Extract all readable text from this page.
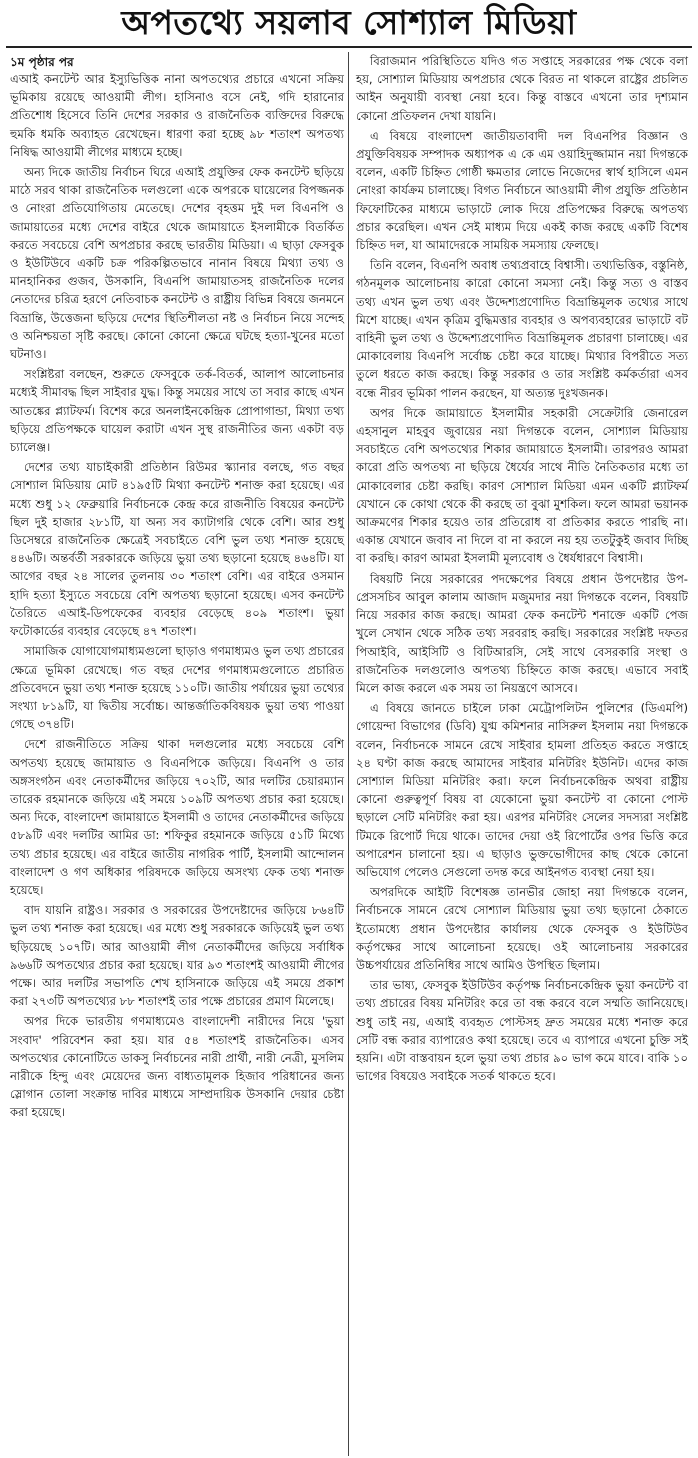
অপতথ্যে সয়লাব সোশ্যাল মিডিয়া
১ম পৃষ্ঠার পর

এআই কনটেন্ট আর ইস্যুভিত্তিক নানা অপতথ্যের প্রচারে এখনো সক্রিয় ভূমিকায় রয়েছে আওয়ামী লীগ। হাসিনাও বসে নেই, গদি হারানোর প্রতিশোধ হিসেবে তিনি দেশের সরকার ও রাজনৈতিক ব্যক্তিদের বিরুদ্ধে হুমকি ধমকি অব্যাহত রেখেছেন। ধারণা করা হচ্ছে ৯৮ শতাংশ অপতথ্য নিষিদ্ধ আওয়ামী লীগের মাধ্যমে হচ্ছে।

অন্য দিকে জাতীয় নির্বাচন ঘিরে এআই প্রযুক্তির ফেক কনটেন্ট ছড়িয়ে মাঠে সরব থাকা রাজনৈতিক দলগুলো একে অপরকে ঘায়েলের বিপজ্জনক ও নোংরা প্রতিযোগিতায় মেতেছে। দেশের বৃহত্তম দুই দল বিএনপি ও জামায়াতের মধ্যে দেশের বাইরে থেকে জামায়াতে ইসলামীকে বিতর্কিত করতে সবচেয়ে বেশি অপপ্রচার করছে ভারতীয় মিডিয়া। এ ছাড়া ফেসবুক ও ইউটিউবে একটি চক্র পরিকল্পিতভাবে নানান বিষয়ে মিথ্যা তথ্য ও মানহানিকর গুজব, উসকানি, বিএনপি জামায়াতসহ রাজনৈতিক দলের নেতাদের চরিত্র হরণে নেতিবাচক কনটেন্ট ও রাষ্ট্রীয় বিভিন্ন বিষয়ে জনমনে বিভ্রান্তি, উত্তেজনা ছড়িয়ে দেশের স্থিতিশীলতা নষ্ট ও নির্বাচন নিয়ে সন্দেহ ও অনিশ্চয়তা সৃষ্টি করছে। কোনো কোনো ক্ষেত্রে ঘটছে হত্যা-খুনের মতো ঘটনাও।

সংশ্লিষ্টরা বলছেন, শুরুতে ফেসবুকে তর্ক-বিতর্ক, আলাপ আলোচনার মধ্যেই সীমাবদ্ধ ছিল সাইবার যুদ্ধ। কিন্তু সময়ের সাথে তা সবার কাছে এখন আতঙ্কের প্ল্যাটফর্ম। বিশেষ করে অনলাইনকেন্দ্রিক প্রোপাগান্ডা, মিথ্যা তথ্য ছড়িয়ে প্রতিপক্ষকে ঘায়েল করাটা এখন সুস্থ রাজনীতির জন্য একটা বড় চ্যালেঞ্জ।

দেশের তথ্য যাচাইকারী প্রতিষ্ঠান রিউমর স্ক্যানার বলছে, গত বছর সোশ্যাল মিডিয়ায় মোট ৪১৯৫টি মিথ্যা কনটেন্ট শনাক্ত করা হয়েছে। এর মধ্যে শুধু ১২ ফেব্রুয়ারি নির্বাচনকে কেন্দ্র করে রাজনীতি বিষয়ের কনটেন্ট ছিল দুই হাজার ২৮১টি, যা অন্য সব ক্যাটাগরি থেকে বেশি। আর শুধু ডিসেম্বরে রাজনৈতিক ক্ষেত্রেই সবচাইতে বেশি ভুল তথ্য শনাক্ত হয়েছে ৪৪৬টি। অন্তর্বর্তী সরকারকে জড়িয়ে ভুয়া তথ্য ছড়ানো হয়েছে ৪৬৪টি। যা আগের বছর ২৪ সালের তুলনায় ৩০ শতাংশ বেশি। এর বাইরে ওসমান হাদি হত্যা ইস্যুতে সবচেয়ে বেশি অপতথ্য ছড়ানো হয়েছে। এসব কনটেন্ট তৈরিতে এআই-ডিপফেকের ব্যবহার বেড়েছে ৪০৯ শতাংশ। ভুয়া ফটোকার্ডের ব্যবহার বেড়েছে ৪৭ শতাংশ।

সামাজিক যোগাযোগমাধ্যমগুলো ছাড়াও গণমাধ্যমও ভুল তথ্য প্রচারের ক্ষেত্রে ভূমিকা রেখেছে। গত বছর দেশের গণমাধ্যমগুলোতে প্রচারিত প্রতিবেদনে ভুয়া তথ্য শনাক্ত হয়েছে ১১০টি। জাতীয় পর্যায়ের ভুয়া তথ্যের সংখ্যা ৮১৯টি, যা দ্বিতীয় সর্বোচ্চ। আন্তর্জাতিকবিষয়ক ভুয়া তথ্য পাওয়া গেছে ৩৭৪টি।

দেশে রাজনীতিতে সক্রিয় থাকা দলগুলোর মধ্যে সবচেয়ে বেশি অপতথ্য হয়েছে জামায়াত ও বিএনপিকে জড়িয়ে। বিএনপি ও তার অঙ্গসংগঠন এবং নেতাকর্মীদের জড়িয়ে ৭০২টি, আর দলটির চেয়ারম্যান তারেক রহমানকে জড়িয়ে এই সময়ে ১০৯টি অপতথ্য প্রচার করা হয়েছে। অন্য দিকে, বাংলাদেশ জামায়াতে ইসলামী ও তাদের নেতাকর্মীদের জড়িয়ে ৫৮৯টি এবং দলটির আমির ডা: শফিকুর রহমানকে জড়িয়ে ৫১টি মিথ্যে তথ্য প্রচার হয়েছে। এর বাইরে জাতীয় নাগরিক পার্টি, ইসলামী আন্দোলন বাংলাদেশ ও গণ অধিকার পরিষদকে জড়িয়ে অসংখ্য ফেক তথ্য শনাক্ত হয়েছে।

বাদ যায়নি রাষ্ট্রও। সরকার ও সরকারের উপদেষ্টাদের জড়িয়ে ৮৬৪টি ভুল তথ্য শনাক্ত করা হয়েছে। এর মধ্যে শুধু সরকারকে জড়িয়েই ভুল তথ্য ছড়িয়েছে ১০৭টি। আর আওয়ামী লীগ নেতাকর্মীদের জড়িয়ে সর্বাধিক ৯৬৬টি অপতথ্যের প্রচার করা হয়েছে। যার ৯৩ শতাংশই আওয়ামী লীগের পক্ষে। আর দলটির সভাপতি শেখ হাসিনাকে জড়িয়ে এই সময়ে প্রকাশ করা ২৭৩টি অপতথ্যের ৮৮ শতাংশই তার পক্ষে প্রচারের প্রমাণ মিলেছে।

অপর দিকে ভারতীয় গণমাধ্যমেও বাংলাদেশী নারীদের নিয়ে 'ভুয়া সংবাদ' পরিবেশন করা হয়। যার ৫৪ শতাংশই রাজনৈতিক। এসব অপতথ্যের কোনোটিতে ডাকসু নির্বাচনের নারী প্রার্থী, নারী নেত্রী, মুসলিম নারীকে হিন্দু এবং মেয়েদের জন্য বাধ্যতামূলক হিজাব পরিধানের জন্য স্লোগান তোলা সংক্রান্ত দাবির মাধ্যমে সাম্প্রদায়িক উসকানি দেয়ার চেষ্টা করা হয়েছে।

বিরাজমান পরিস্থিতিতে যদিও গত সপ্তাহে সরকারের পক্ষ থেকে বলা হয়, সোশ্যাল মিডিয়ায় অপপ্রচার থেকে বিরত না থাকলে রাষ্ট্রের প্রচলিত আইন অনুযায়ী ব্যবস্থা নেয়া হবে। কিন্তু বাস্তবে এখনো তার দৃশ্যমান কোনো প্রতিফলন দেখা যায়নি।

এ বিষয়ে বাংলাদেশ জাতীয়তাবাদী দল বিএনপির বিজ্ঞান ও প্রযুক্তিবিষয়ক সম্পাদক অধ্যাপক এ কে এম ওয়াহিদুজ্জামান নয়া দিগন্তকে বলেন, একটি চিহ্নিত গোষ্ঠী ক্ষমতার লোভে নিজেদের স্বার্থ হাসিলে এমন নোংরা কার্যক্রম চালাচ্ছে। বিগত নির্বাচনে আওয়ামী লীগ প্রযুক্তি প্রতিষ্ঠান ফিফোটিকের মাধ্যমে ভাড়াটে লোক দিয়ে প্রতিপক্ষের বিরুদ্ধে অপতথ্য প্রচার করেছিল। এখন সেই মাধ্যম দিয়ে একই কাজ করছে একটি বিশেষ চিহ্নিত দল, যা আমাদেরকে সাময়িক সমস্যায় ফেলছে।

তিনি বলেন, বিএনপি অবাধ তথ্যপ্রবাহে বিশ্বাসী। তথ্যভিত্তিক, বস্তুনিষ্ঠ, গঠনমূলক আলোচনায় কারো কোনো সমস্যা নেই। কিন্তু সত্য ও বাস্তব তথ্য এখন ভুল তথ্য এবং উদ্দেশ্যপ্রণোদিত বিভ্রান্তিমূলক তথ্যের সাথে মিশে যাচ্ছে। এখন কৃত্রিম বুদ্ধিমত্তার ব্যবহার ও অপব্যবহারের ভাড়াটে বট বাহিনী ভুল তথ্য ও উদ্দেশ্যপ্রণোদিত বিভ্রান্তিমূলক প্রচারণা চালাচ্ছে। এর মোকাবেলায় বিএনপি সর্বোচ্চ চেষ্টা করে যাচ্ছে। মিথ্যার বিপরীতে সত্য তুলে ধরতে কাজ করছে। কিন্তু সরকার ও তার সংশ্লিষ্ট কর্মকর্তারা এসব বন্ধে নীরব ভূমিকা পালন করছেন, যা অত্যন্ত দুঃখজনক।

অপর দিকে জামায়াতে ইসলামীর সহকারী সেক্রেটারি জেনারেল এহসানুল মাহবুব জুবায়ের নয়া দিগন্তকে বলেন, সোশ্যাল মিডিয়ায় সবচাইতে বেশি অপতথ্যের শিকার জামায়াতে ইসলামী। তারপরও আমরা কারো প্রতি অপতথ্য না ছড়িয়ে ধৈর্যের সাথে নীতি নৈতিকতার মধ্যে তা মোকাবেলার চেষ্টা করছি। কারণ সোশ্যাল মিডিয়া এমন একটি প্ল্যাটফর্ম যেখানে কে কোথা থেকে কী করছে তা বুঝা মুশকিল। ফলে আমরা ভয়ানক আক্রমণের শিকার হয়েও তার প্রতিরোধ বা প্রতিকার করতে পারছি না। একান্ত যেখানে জবাব না দিলে বা না করলে নয় হয় ততটুকুই জবাব দিচ্ছি বা করছি। কারণ আমরা ইসলামী মূল্যবোধ ও ধৈর্যধারণে বিশ্বাসী।

বিষয়টি নিয়ে সরকারের পদক্ষেপের বিষয়ে প্রধান উপদেষ্টার উপ-প্রেসসচিব আবুল কালাম আজাদ মজুমদার নয়া দিগন্তকে বলেন, বিষয়টি নিয়ে সরকার কাজ করছে। আমরা ফেক কনটেন্ট শনাক্তে একটি পেজ খুলে সেখান থেকে সঠিক তথ্য সরবরাহ করছি। সরকারের সংশ্লিষ্ট দফতর পিআইবি, আইসিটি ও বিটিআরসি, সেই সাথে বেসরকারি সংস্থা ও রাজনৈতিক দলগুলোও অপতথ্য চিহ্নিতে কাজ করছে। এভাবে সবাই মিলে কাজ করলে এক সময় তা নিয়ন্ত্রণে আসবে।

এ বিষয়ে জানতে চাইলে ঢাকা মেট্রোপলিটন পুলিশের (ডিএমপি) গোয়েন্দা বিভাগের (ডিবি) যুগ্ম কমিশনার নাসিরুল ইসলাম নয়া দিগন্তকে বলেন, নির্বাচনকে সামনে রেখে সাইবার হামলা প্রতিহত করতে সপ্তাহে ২৪ ঘণ্টা কাজ করছে আমাদের সাইবার মনিটরিং ইউনিট। এদের কাজ সোশ্যাল মিডিয়া মনিটরিং করা। ফলে নির্বাচনকেন্দ্রিক অথবা রাষ্ট্রীয় কোনো গুরুত্বপূর্ণ বিষয় বা যেকোনো ভুয়া কনটেন্ট বা কোনো পোস্ট ছড়ালে সেটি মনিটরিং করা হয়। এরপর মনিটরিং সেলের সদস্যরা সংশ্লিষ্ট টিমকে রিপোর্ট দিয়ে থাকে। তাদের দেয়া ওই রিপোর্টের ওপর ভিত্তি করে অপারেশন চালানো হয়। এ ছাড়াও ভুক্তভোগীদের কাছ থেকে কোনো অভিযোগ পেলেও সেগুলো তদন্ত করে আইনগত ব্যবস্থা নেয়া হয়।

অপরদিকে আইটি বিশেষজ্ঞ তানভীর জোহা নয়া দিগন্তকে বলেন, নির্বাচনকে সামনে রেখে সোশ্যাল মিডিয়ায় ভুয়া তথ্য ছড়ানো ঠেকাতে ইতোমধ্যে প্রধান উপদেষ্টার কার্যালয় থেকে ফেসবুক ও ইউটিউব কর্তৃপক্ষের সাথে আলোচনা হয়েছে। ওই আলোচনায় সরকারের উচ্চপর্যায়ের প্রতিনিধির সাথে আমিও উপস্থিত ছিলাম।

তার ভাষ্য, ফেসবুক ইউটিউব কর্তৃপক্ষ নির্বাচনকেন্দ্রিক ভুয়া কনটেন্ট বা তথ্য প্রচারের বিষয় মনিটরিং করে তা বন্ধ করবে বলে সম্মতি জানিয়েছে। শুধু তাই নয়, এআই ব্যবহৃত পোস্টসহ দ্রুত সময়ের মধ্যে শনাক্ত করে সেটি বন্ধ করার ব্যাপারেও কথা হয়েছে। তবে এ ব্যাপারে এখনো চুক্তি সই হয়নি। এটা বাস্তবায়ন হলে ভুয়া তথ্য প্রচার ৯০ ভাগ কমে যাবে। বাকি ১০ ভাগের বিষয়েও সবাইকে সতর্ক থাকতে হবে।
